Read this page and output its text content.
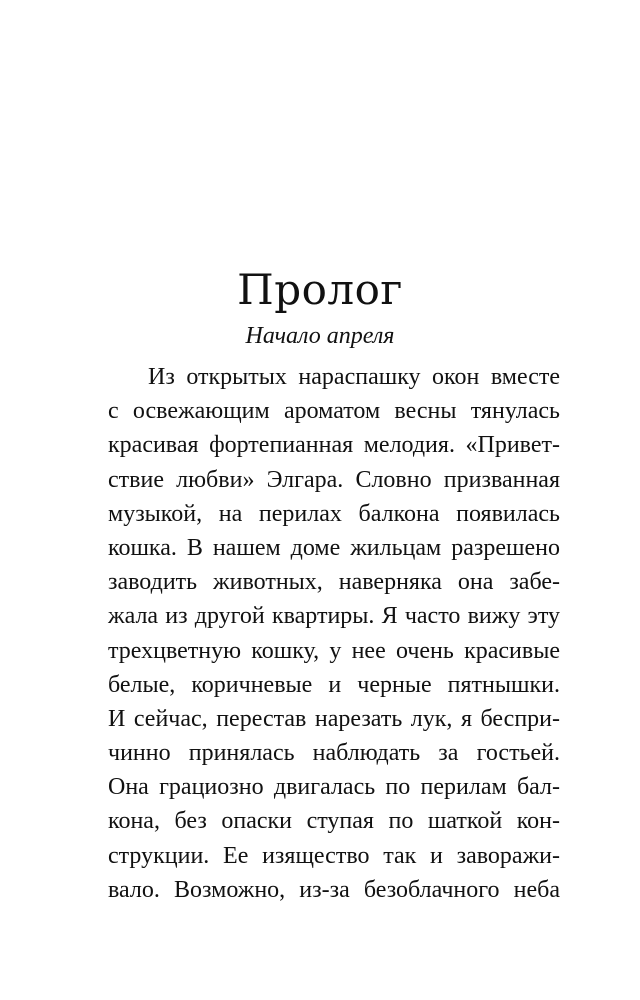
Пролог
Начало апреля
Из открытых нараспашку окон вместе
с освежающим ароматом весны тянулась
красивая фортепианная мелодия. «Привет-
ствие любви» Элгара. Словно призванная
музыкой, на перилах балкона появилась
кошка. В нашем доме жильцам разрешено
заводить животных, наверняка она забе-
жала из другой квартиры. Я часто вижу эту
трехцветную кошку, у нее очень красивые
белые, коричневые и черные пятнышки.
И сейчас, перестав нарезать лук, я беспри-
чинно принялась наблюдать за гостьей.
Она грациозно двигалась по перилам бал-
кона, без опаски ступая по шаткой кон-
струкции. Ее изящество так и заворажи-
вало. Возможно, из-за безоблачного неба
